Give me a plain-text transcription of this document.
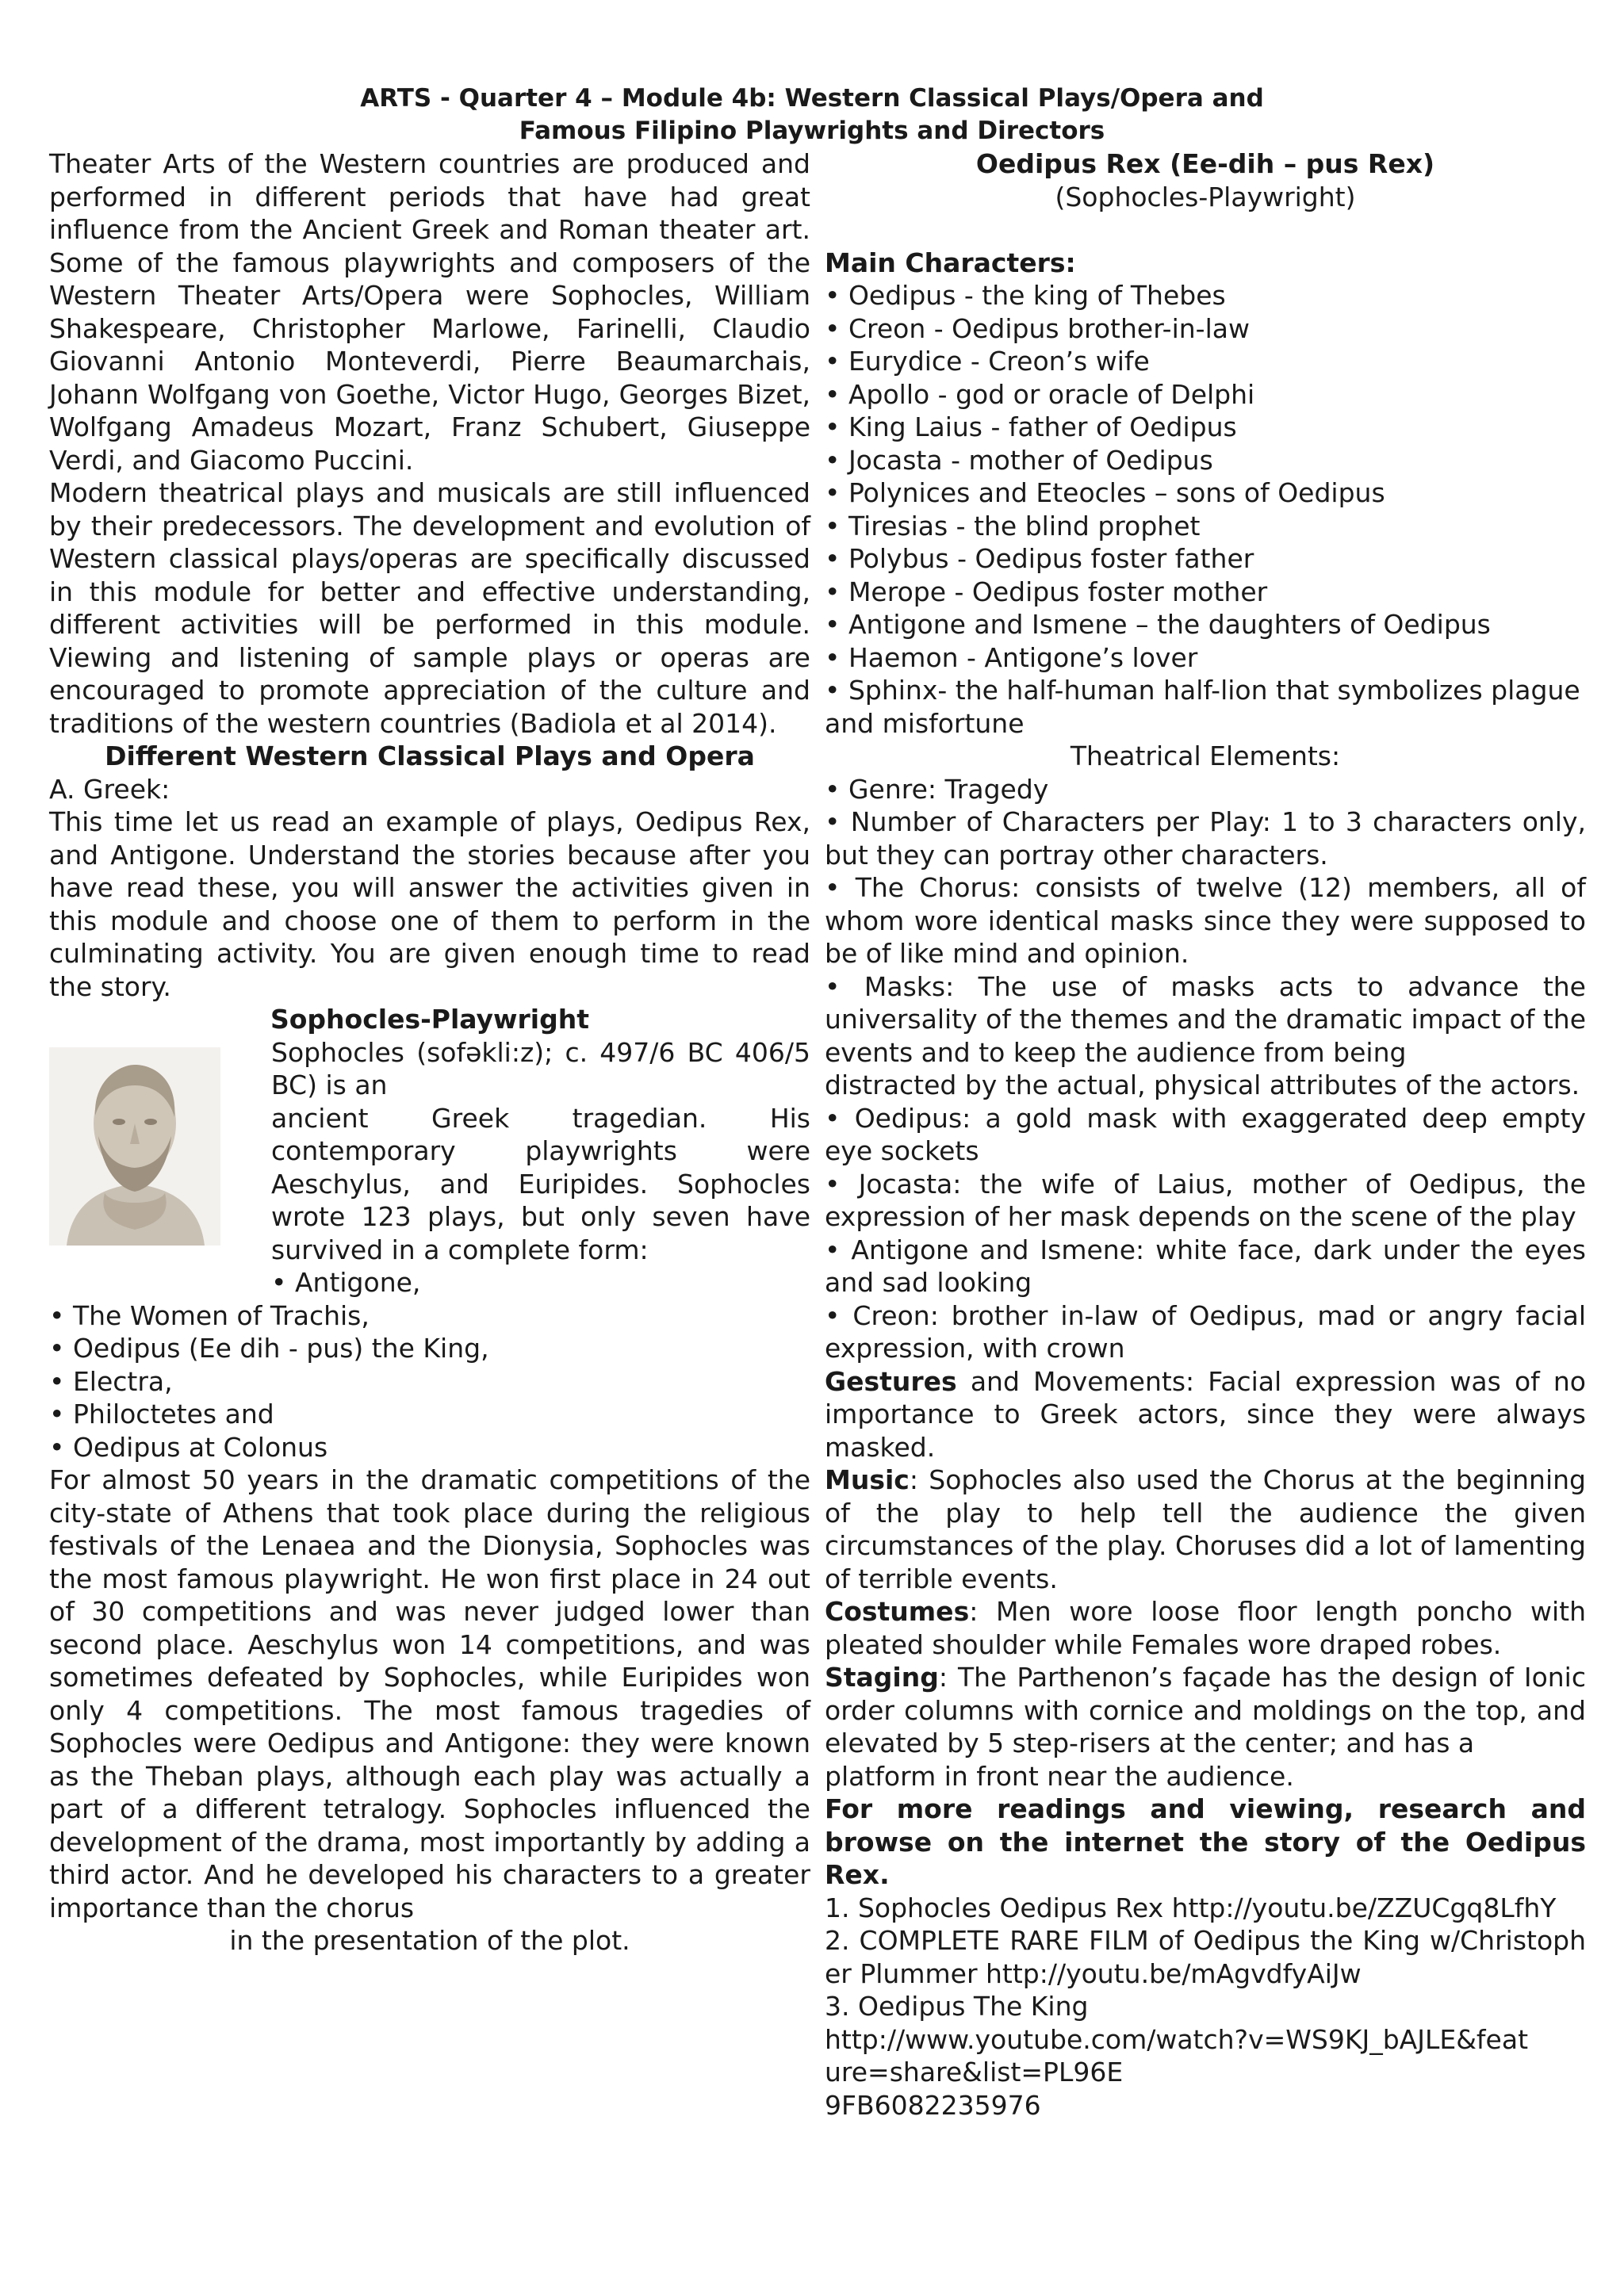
ARTS - Quarter 4 – Module 4b: Western Classical Plays/Opera and
Famous Filipino Playwrights and Directors

Theater Arts of the Western countries are produced and performed in different periods that have had great influence from the Ancient Greek and Roman theater art. Some of the famous playwrights and composers of the Western Theater Arts/Opera were Sophocles, William Shakespeare, Christopher Marlowe, Farinelli, Claudio Giovanni Antonio Monteverdi, Pierre Beaumarchais, Johann Wolfgang von Goethe, Victor Hugo, Georges Bizet, Wolfgang Amadeus Mozart, Franz Schubert, Giuseppe Verdi, and Giacomo Puccini.

Modern theatrical plays and musicals are still influenced by their predecessors. The development and evolution of Western classical plays/operas are specifically discussed in this module for better and effective understanding, different activities will be performed in this module. Viewing and listening of sample plays or operas are encouraged to promote appreciation of the culture and traditions of the western countries (Badiola et al 2014).

Different Western Classical Plays and Opera

A. Greek:

This time let us read an example of plays, Oedipus Rex, and Antigone. Understand the stories because after you have read these, you will answer the activities given in this module and choose one of them to perform in the culminating activity. You are given enough time to read the story.

Sophocles-Playwright

Sophocles (sofəkli:z); c. 497/6 BC 406/5 BC) is an

ancient Greek tragedian. His contemporary playwrights were Aeschylus, and Euripides. Sophocles wrote 123 plays, but only seven have survived in a complete form:

• Antigone,

• The Women of Trachis,

• Oedipus (Ee dih - pus) the King,

• Electra,

• Philoctetes and

• Oedipus at Colonus

For almost 50 years in the dramatic competitions of the city-state of Athens that took place during the religious festivals of the Lenaea and the Dionysia, Sophocles was the most famous playwright. He won first place in 24 out of 30 competitions and was never judged lower than second place. Aeschylus won 14 competitions, and was sometimes defeated by Sophocles, while Euripides won only 4 competitions. The most famous tragedies of Sophocles were Oedipus and Antigone: they were known as the Theban plays, although each play was actually a part of a different tetralogy. Sophocles influenced the development of the drama, most importantly by adding a third actor. And he developed his characters to a greater importance than the chorus

in the presentation of the plot.

Oedipus Rex (Ee-dih – pus Rex)

(Sophocles-Playwright)

Main Characters:

• Oedipus - the king of Thebes

• Creon - Oedipus brother-in-law

• Eurydice - Creon’s wife

• Apollo - god or oracle of Delphi

• King Laius - father of Oedipus

• Jocasta - mother of Oedipus

• Polynices and Eteocles – sons of Oedipus

• Tiresias - the blind prophet

• Polybus - Oedipus foster father

• Merope - Oedipus foster mother

• Antigone and Ismene – the daughters of Oedipus

• Haemon - Antigone’s lover

• Sphinx- the half-human half-lion that symbolizes plague and misfortune

Theatrical Elements:

• Genre: Tragedy

• Number of Characters per Play: 1 to 3 characters only, but they can portray other characters.

• The Chorus: consists of twelve (12) members, all of whom wore identical masks since they were supposed to be of like mind and opinion.

• Masks: The use of masks acts to advance the universality of the themes and the dramatic impact of the events and to keep the audience from being

distracted by the actual, physical attributes of the actors.

• Oedipus: a gold mask with exaggerated deep empty eye sockets

• Jocasta: the wife of Laius, mother of Oedipus, the expression of her mask depends on the scene of the play

• Antigone and Ismene: white face, dark under the eyes and sad looking

• Creon: brother in-law of Oedipus, mad or angry facial expression, with crown

Gestures and Movements: Facial expression was of no importance to Greek actors, since they were always masked.

Music: Sophocles also used the Chorus at the beginning of the play to help tell the audience the given circumstances of the play. Choruses did a lot of lamenting of terrible events.

Costumes: Men wore loose floor length poncho with pleated shoulder while Females wore draped robes.

Staging: The Parthenon’s façade has the design of Ionic order columns with cornice and moldings on the top, and elevated by 5 step-risers at the center; and has a

platform in front near the audience.

For more readings and viewing, research and browse on the internet the story of the Oedipus Rex.

1. Sophocles Oedipus Rex http://youtu.be/ZZUCgq8LfhY

2. COMPLETE RARE FILM of Oedipus the King w/Christopher Plummer http://youtu.be/mAgvdfyAiJw

3. Oedipus The King

http://www.youtube.com/watch?v=WS9KJ_bAJLE&feat

ure=share&list=PL96E

9FB6082235976
